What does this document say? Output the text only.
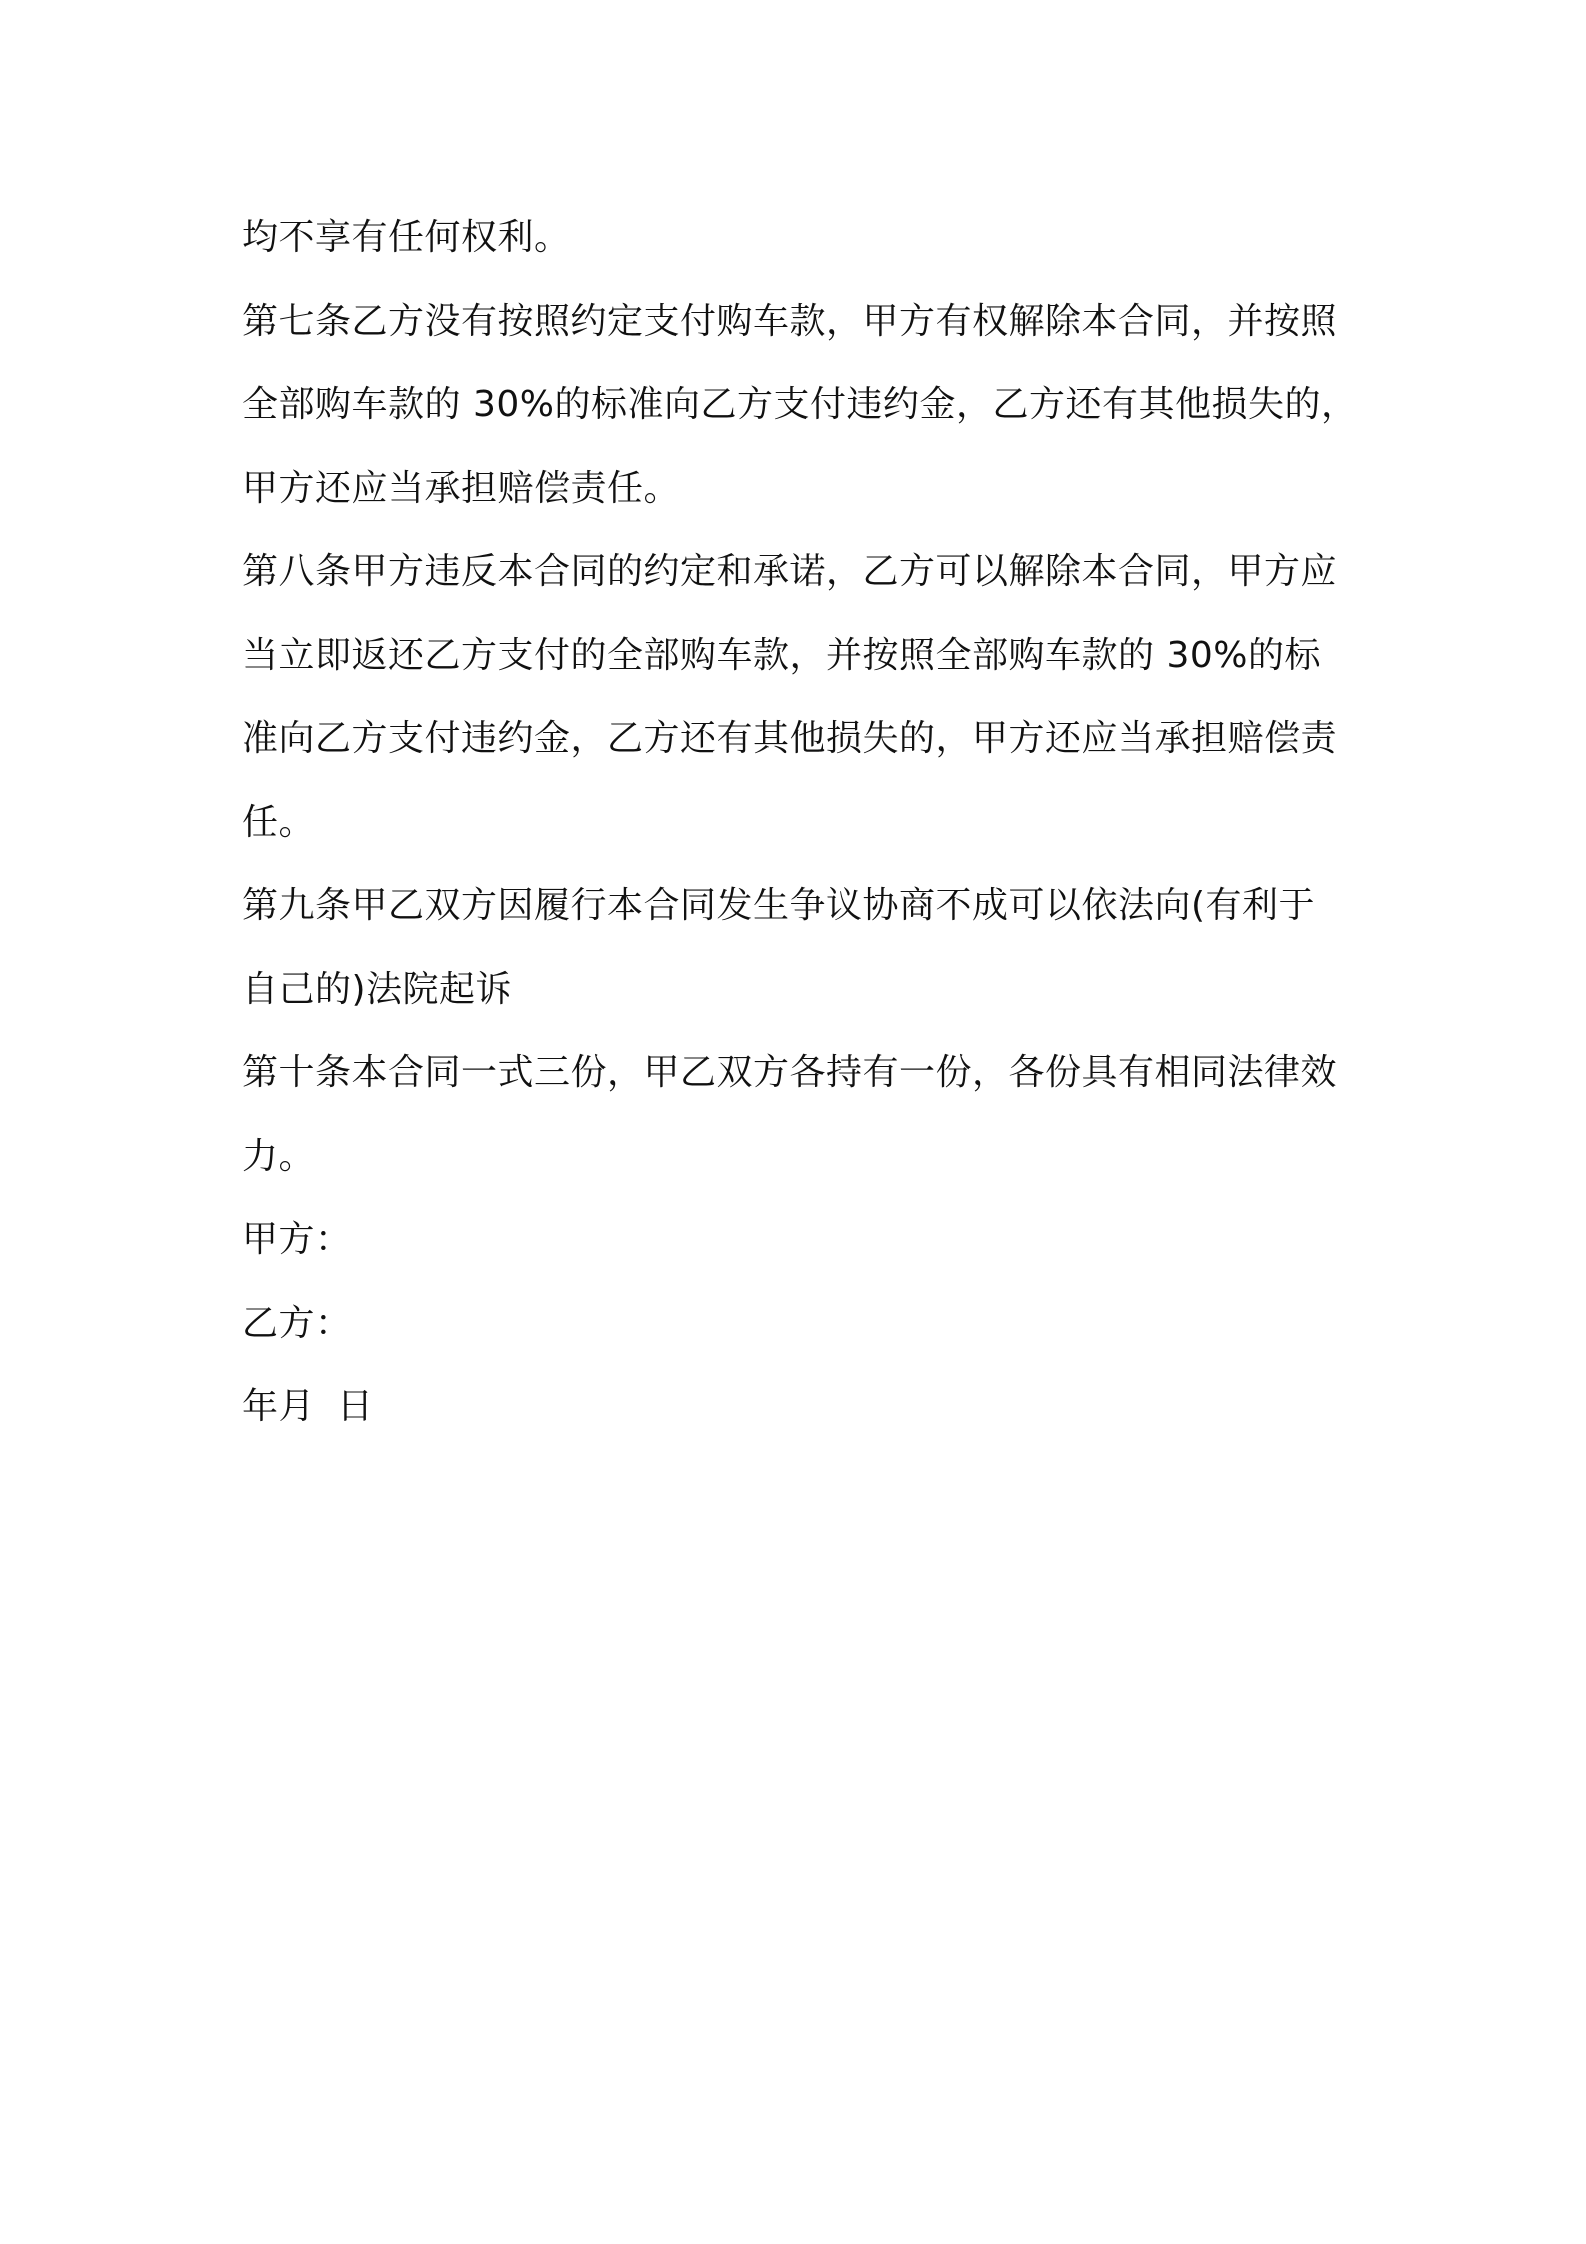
均不享有任何权利。
第七条乙方没有按照约定支付购车款，甲方有权解除本合同，并按照
全部购车款的 30%的标准向乙方支付违约金，乙方还有其他损失的，
甲方还应当承担赔偿责任。
第八条甲方违反本合同的约定和承诺，乙方可以解除本合同，甲方应
当立即返还乙方支付的全部购车款，并按照全部购车款的 30%的标
准向乙方支付违约金，乙方还有其他损失的，甲方还应当承担赔偿责
任。
第九条甲乙双方因履行本合同发生争议协商不成可以依法向(有利于
自己的)法院起诉
第十条本合同一式三份，甲乙双方各持有一份，各份具有相同法律效
力。
甲方：
乙方：
年月 日
